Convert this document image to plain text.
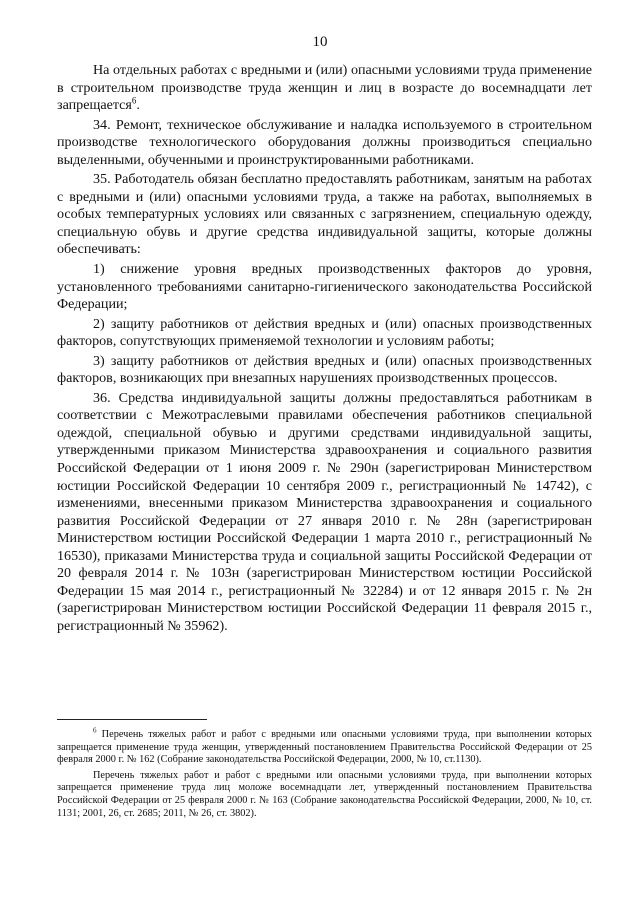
10

На отдельных работах с вредными и (или) опасными условиями труда применение в строительном производстве труда женщин и лиц в возрасте до восемнадцати лет запрещается$^6$.

34. Ремонт, техническое обслуживание и наладка используемого в строительном производстве технологического оборудования должны производиться специально выделенными, обученными и проинструктированными работниками.

35. Работодатель обязан бесплатно предоставлять работникам, занятым на работах с вредными и (или) опасными условиями труда, а также на работах, выполняемых в особых температурных условиях или связанных с загрязнением, специальную одежду, специальную обувь и другие средства индивидуальной защиты, которые должны обеспечивать:

1) снижение уровня вредных производственных факторов до уровня, установленного требованиями санитарно-гигиенического законодательства Российской Федерации;

2) защиту работников от действия вредных и (или) опасных производственных факторов, сопутствующих применяемой технологии и условиям работы;

3) защиту работников от действия вредных и (или) опасных производственных факторов, возникающих при внезапных нарушениях производственных процессов.

36. Средства индивидуальной защиты должны предоставляться работникам в соответствии с Межотраслевыми правилами обеспечения работников специальной одеждой, специальной обувью и другими средствами индивидуальной защиты, утвержденными приказом Министерства здравоохранения и социального развития Российской Федерации от 1 июня 2009 г. № 290н (зарегистрирован Министерством юстиции Российской Федерации 10 сентября 2009 г., регистрационный № 14742), с изменениями, внесенными приказом Министерства здравоохранения и социального развития Российской Федерации от 27 января 2010 г. № 28н (зарегистрирован Министерством юстиции Российской Федерации 1 марта 2010 г., регистрационный № 16530), приказами Министерства труда и социальной защиты Российской Федерации от 20 февраля 2014 г. № 103н (зарегистрирован Министерством юстиции Российской Федерации 15 мая 2014 г., регистрационный № 32284) и от 12 января 2015 г. № 2н (зарегистрирован Министерством юстиции Российской Федерации 11 февраля 2015 г., регистрационный № 35962).

$^6$ Перечень тяжелых работ и работ с вредными или опасными условиями труда, при выполнении которых запрещается применение труда женщин, утвержденный постановлением Правительства Российской Федерации от 25 февраля 2000 г. № 162 (Собрание законодательства Российской Федерации, 2000, № 10, ст.1130).

Перечень тяжелых работ и работ с вредными или опасными условиями труда, при выполнении которых запрещается применение труда лиц моложе восемнадцати лет, утвержденный постановлением Правительства Российской Федерации от 25 февраля 2000 г. № 163 (Собрание законодательства Российской Федерации, 2000, № 10, ст. 1131; 2001, 26, ст. 2685; 2011, № 26, ст. 3802).
